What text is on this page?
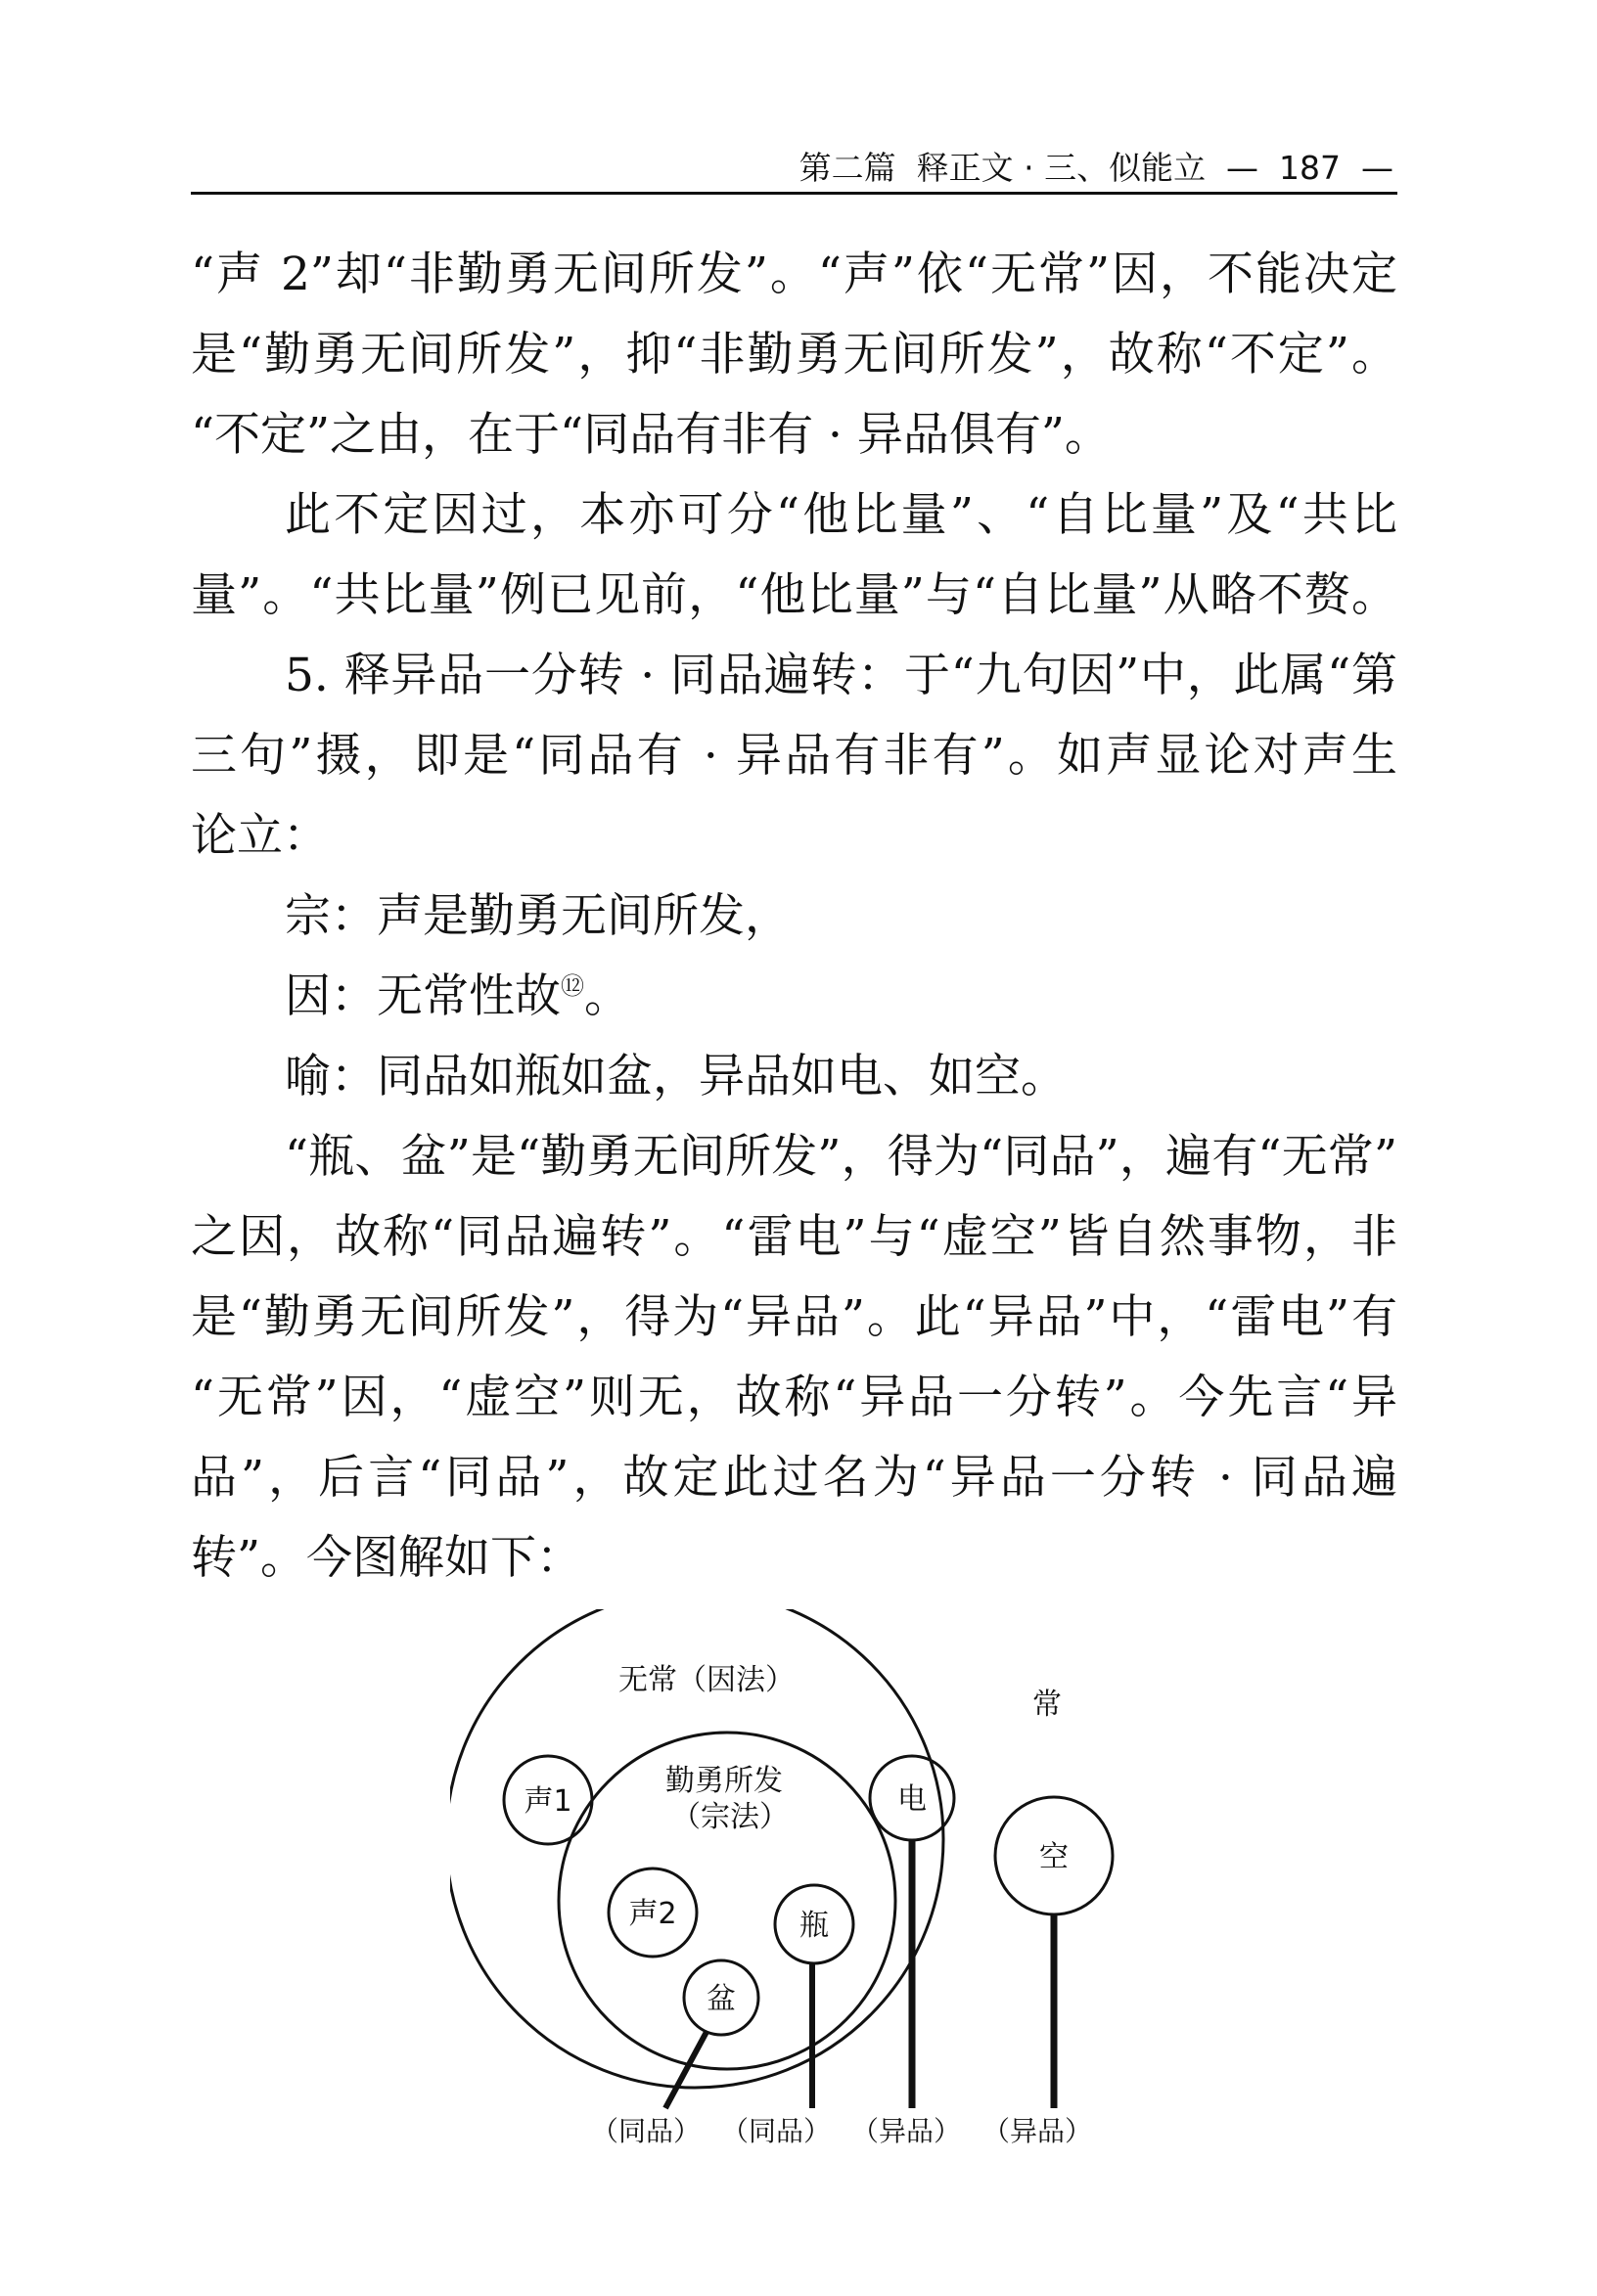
第二篇  释正文 · 三、似能立  —  187  —
“声 2”却“非勤勇无间所发”。“声”依“无常”因，不能决定
是“勤勇无间所发”，抑“非勤勇无间所发”，故称“不定”。
“不定”之由，在于“同品有非有 · 异品俱有”。
此不定因过，本亦可分“他比量”、“自比量”及“共比
量”。“共比量”例已见前，“他比量”与“自比量”从略不赘。
5. 释异品一分转 · 同品遍转：于“九句因”中，此属“第
三句”摄，即是“同品有 · 异品有非有”。如声显论对声生
论立：
宗：声是勤勇无间所发，
因：无常性故⑫。
喻：同品如瓶如盆，异品如电、如空。
“瓶、盆”是“勤勇无间所发”，得为“同品”，遍有“无常”
之因，故称“同品遍转”。“雷电”与“虚空”皆自然事物，非
是“勤勇无间所发”，得为“异品”。此“异品”中，“雷电”有
“无常”因，“虚空”则无，故称“异品一分转”。今先言“异
品”，后言“同品”，故定此过名为“异品一分转 · 同品遍
转”。今图解如下：
无常（因法）
常
勤勇所发
（宗法）
声1
声2	瓶
盆
电
空
（同品） （同品） （异品） （异品）
